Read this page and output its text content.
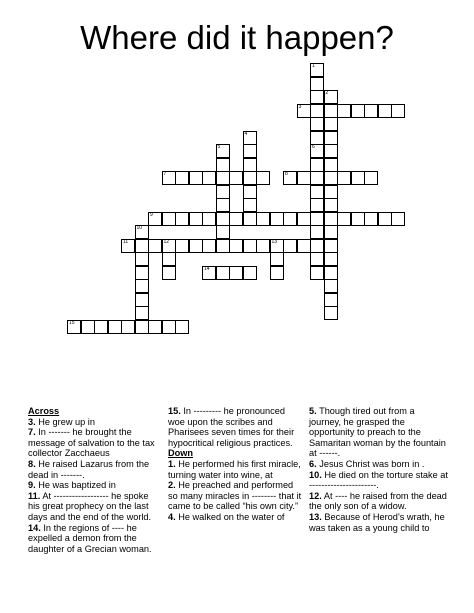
Where did it happen?
3
7	8
9
11	12	13
14
15
1
6
2
4
5
10
Across
3. He grew up in
7. In ------- he brought the message of salvation to the tax collector Zacchaeus
8. He raised Lazarus from the dead in -------.
9. He was baptized in
11. At ------------------ he spoke his great prophecy on the last days and the end of the world.
14. In the regions of ---- he expelled a demon from the daughter of a Grecian woman.
15. In --------- he pronounced woe upon the scribes and Pharisees seven times for their hypocritical religious practices.
Down
1. He performed his first miracle, turning water into wine, at
2. He preached and performed so many miracles in -------- that it came to be called “his own city.”
4. He walked on the water of
5. Though tired out from a journey, he grasped the opportunity to preach to the Samaritan woman by the fountain at ------.
6. Jesus Christ was born in .
10. He died on the torture stake at ----------------------.
12. At ---- he raised from the dead the only son of a widow.
13. Because of Herod’s wrath, he was taken as a young child to
